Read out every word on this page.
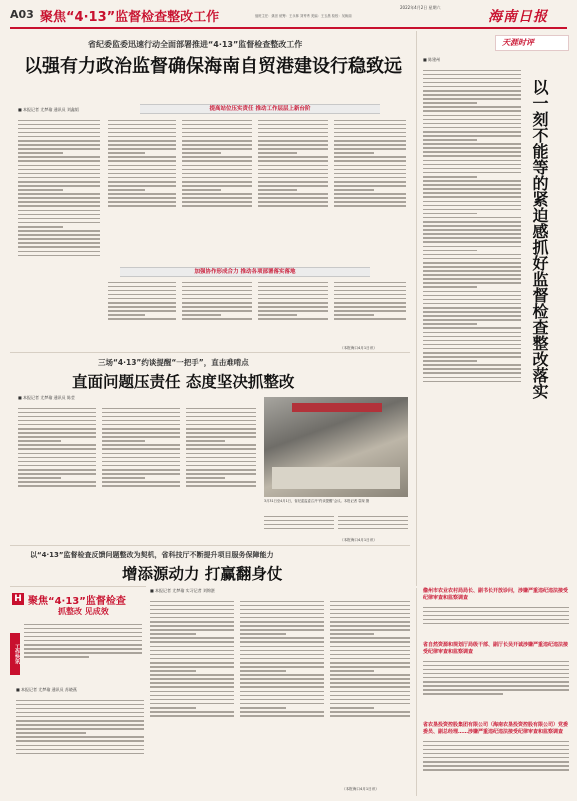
A03 聚焦“4·13”监督检查整改工作
2022年4月2日 星期六
值班主任：姚崇 统筹：王永林 刘秀秀 美编：王玉晨 检校：吴焕丽	海南日报
省纪委监委迅速行动全面部署推进“4·13”监督检查整改工作
以强有力政治监督确保海南自贸港建设行稳致远
■ 本报记者 尤梦瑜 通讯员 刘鑫韬	提高站位压实责任 推动工作层层上新台阶
加强协作形成合力 推动各项部署落实落地
（本报海口4月1日讯）
天涯时评
以一刻不能等的紧迫感抓好监督检查整改落实
■ 陈建州
三场“4·13”约谈提醒“一把手”，直击难啃点
直面问题压责任 态度坚决抓整改
■ 本报记者 尤梦瑜 通讯员 陈莹
3月31日至4月1日，省纪委监委召开“约谈提醒”会议。本报记者 袁琛 摄
（本报海口4月1日讯）
以“4·13”监督检查反馈问题整改为契机，省科技厅不断提升项目服务保障能力
增添源动力 打赢翻身仗
H 聚焦“4·13”监督检查
抓整改 见成效
工作快讯
■ 本报记者 尤梦瑜 通讯员 苏晓燕
■ 本报记者 尤梦瑜 实习记者 刘锦湛
（本报海口4月1日讯）
儋州市农业农村局局长、副书长开放诊问，涉嫌严重违纪违法接受纪律审查和监察调查
省自然资源和规划厅局级干部、副厅长吴开诚涉嫌严重违纪违法接受纪律审查和监察调查
省农垦投资控股集团有限公司（海南农垦投资控股有限公司）党委委员、副总经理……涉嫌严重违纪违法接受纪律审查和监察调查
